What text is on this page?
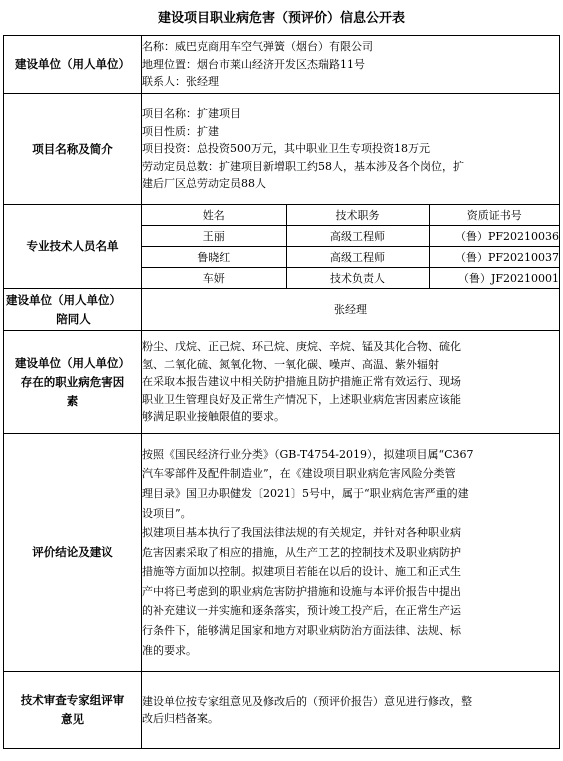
建设项目职业病危害（预评价）信息公开表
建设单位（用人单位）	
名称：威巴克商用车空气弹簧（烟台）有限公司
地理位置：烟台市莱山经济开发区杰瑞路11号
联系人：张经理

项目名称及简介	
项目名称：扩建项目
项目性质：扩建
项目投资：总投资500万元，其中职业卫生专项投资18万元
劳动定员总数：扩建项目新增职工约58人，基本涉及各个岗位，扩
建后厂区总劳动定员88人

专业技术人员名单	
姓名	技术职务	资质证书号
王丽	高级工程师	（鲁）PF20210036
鲁晓红	高级工程师	（鲁）PF20210037
车妍	技术负责人	（鲁）JF20210001

建设单位（用人单位）
陪同人
	张经理

建设单位（用人单位）
存在的职业病危害因
素

粉尘、戊烷、正己烷、环己烷、庚烷、辛烷、锰及其化合物、硫化
氢、二氧化硫、氮氧化物、一氧化碳、噪声、高温、紫外辐射
在采取本报告建议中相关防护措施且防护措施正常有效运行、现场
职业卫生管理良好及正常生产情况下，上述职业病危害因素应该能
够满足职业接触限值的要求。

评价结论及建议	
按照《国民经济行业分类》（GB-T4754-2019），拟建项目属“C367
汽车零部件及配件制造业”，在《建设项目职业病危害风险分类管
理目录》国卫办职健发〔2021〕5号中，属于“职业病危害严重的建
设项目”。
拟建项目基本执行了我国法律法规的有关规定，并针对各种职业病
危害因素采取了相应的措施，从生产工艺的控制技术及职业病防护
措施等方面加以控制。拟建项目若能在以后的设计、施工和正式生
产中将已考虑到的职业病危害防护措施和设施与本评价报告中提出
的补充建议一并实施和逐条落实，预计竣工投产后，在正常生产运
行条件下，能够满足国家和地方对职业病防治方面法律、法规、标
准的要求。

技术审查专家组评审
意见

建设单位按专家组意见及修改后的（预评价报告）意见进行修改，整
改后归档备案。
